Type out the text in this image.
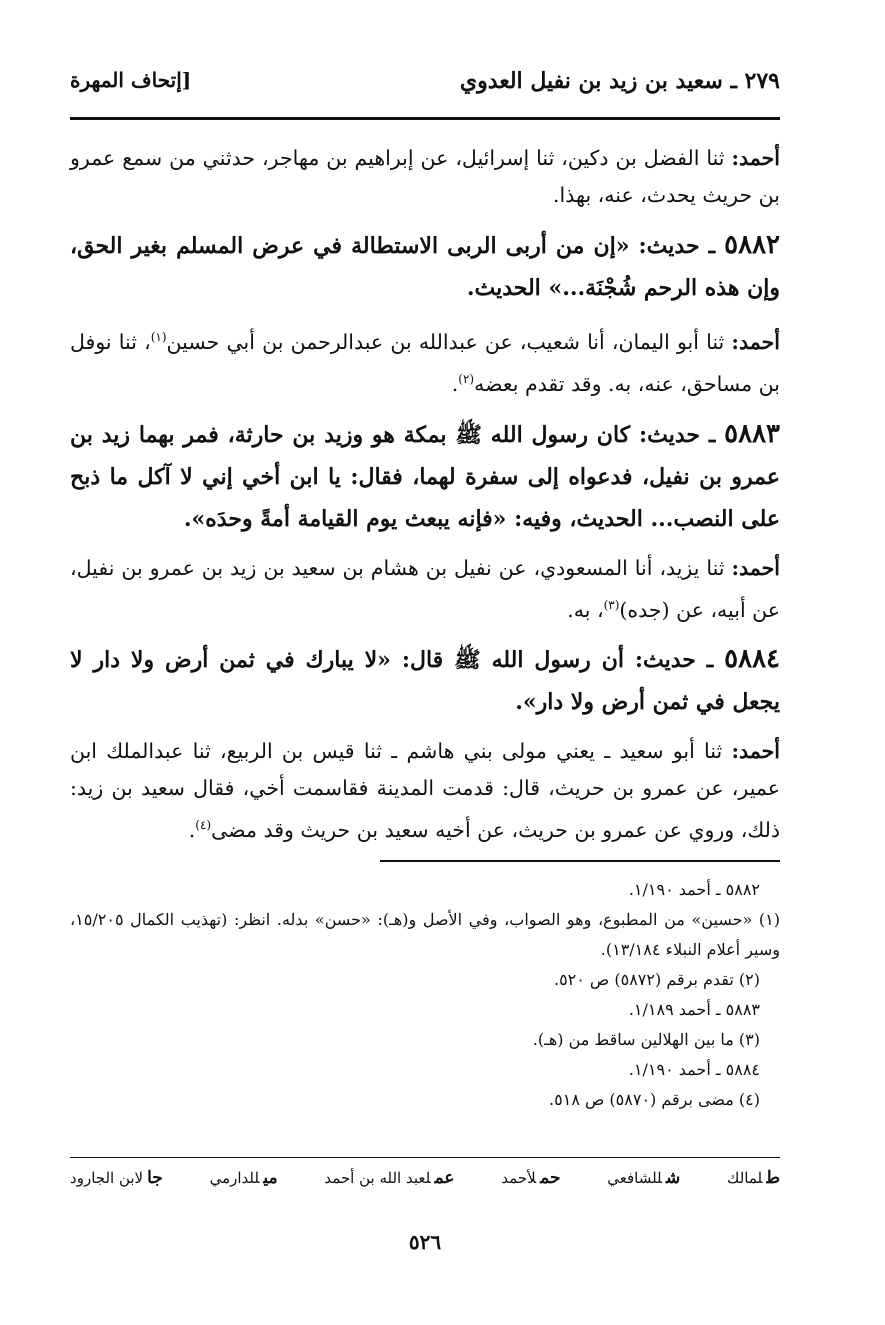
٢٧٩ ـ سعيد بن زيد بن نفيل العدوي
[إتحاف المهرة

أحمد: ثنا الفضل بن دكين، ثنا إسرائيل، عن إبراهيم بن مهاجر، حدثني من سمع عمرو بن حريث يحدث، عنه، بهذا.

٥٨٨٢ ـ حديث: «إن من أربى الربى الاستطالة في عرض المسلم بغير الحق، وإن هذه الرحم شُجْنَة...» الحديث.

أحمد: ثنا أبو اليمان، أنا شعيب، عن عبدالله بن عبدالرحمن بن أبي حسين$^{(١)}$، ثنا نوفل بن مساحق، عنه، به. وقد تقدم بعضه$^{(٢)}$.

٥٨٨٣ ـ حديث: كان رسول الله ﷺ بمكة هو وزيد بن حارثة، فمر بهما زيد بن عمرو بن نفيل، فدعواه إلى سفرة لهما، فقال: يا ابن أخي إني لا آكل ما ذبح على النصب... الحديث، وفيه: «فإنه يبعث يوم القيامة أمةً وحدَه».

أحمد: ثنا يزيد، أنا المسعودي، عن نفيل بن هشام بن سعيد بن زيد بن عمرو بن نفيل، عن أبيه، عن (جده)$^{(٣)}$، به.

٥٨٨٤ ـ حديث: أن رسول الله ﷺ قال: «لا يبارك في ثمن أرض ولا دار لا يجعل في ثمن أرض ولا دار».

أحمد: ثنا أبو سعيد ـ يعني مولى بني هاشم ـ ثنا قيس بن الربيع، ثنا عبدالملك ابن عمير، عن عمرو بن حريث، قال: قدمت المدينة فقاسمت أخي، فقال سعيد بن زيد: ذلك، وروي عن عمرو بن حريث، عن أخيه سعيد بن حريث وقد مضى$^{(٤)}$.

٥٨٨٢ ـ أحمد ١/١٩٠.
(١) «حسين» من المطبوع، وهو الصواب، وفي الأصل و(هـ): «حسن» بدله. انظر: (تهذيب الكمال ١٥/٢٠٥، وسير أعلام النبلاء ١٣/١٨٤).
(٢) تقدم برقم (٥٨٧٢) ص ٥٢٠.
٥٨٨٣ ـ أحمد ١/١٨٩.
(٣) ما بين الهلالين ساقط من (هـ).
٥٨٨٤ ـ أحمد ١/١٩٠.
(٤) مضى برقم (٥٨٧٠) ص ٥١٨.
طلمالك
شللشافعي
حملأحمد
عملعبد الله بن أحمد
ميللدارمي
جالابن الجارود
٥٢٦
